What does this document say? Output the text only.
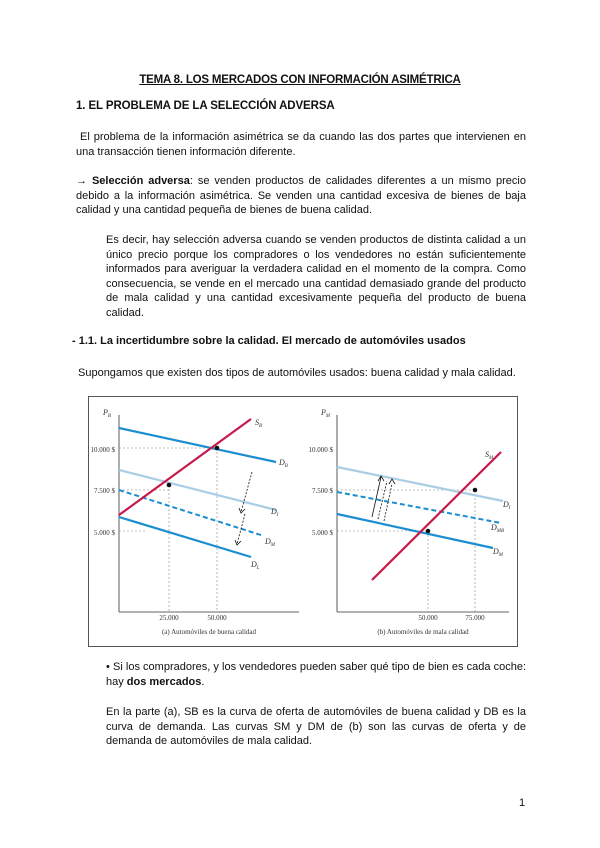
TEMA 8. LOS MERCADOS CON INFORMACIÓN ASIMÉTRICA
1. EL PROBLEMA DE LA SELECCIÓN ADVERSA
El problema de la información asimétrica se da cuando las dos partes que intervienen en una transacción tienen información diferente.
→ Selección adversa: se venden productos de calidades diferentes a un mismo precio debido a la información asimétrica. Se venden una cantidad excesiva de bienes de baja calidad y una cantidad pequeña de bienes de buena calidad.
Es decir, hay selección adversa cuando se venden productos de distinta calidad a un único precio porque los compradores o los vendedores no están suficientemente informados para averiguar la verdadera calidad en el momento de la compra. Como consecuencia, se vende en el mercado una cantidad demasiado grande del producto de mala calidad y una cantidad excesivamente pequeña del producto de buena calidad.
- 1.1. La incertidumbre sobre la calidad. El mercado de automóviles usados
Supongamos que existen dos tipos de automóviles usados: buena calidad y mala calidad.
$P_B$
10.000 $
7.500 $
5.000 $
25.000	50.000
$S_B$
$D_B$
$D_I$
$D_M$
$D_L$
(a) Automóviles de buena calidad
$P_M$
10.000 $
7.500 $
5.000 $
50.000	75.000
$S_M$
$D_I$
$D_{MB}$
$D_M$
(b) Automóviles de mala calidad
• Si los compradores, y los vendedores pueden saber qué tipo de bien es cada coche: hay dos mercados.
En la parte (a), SB es la curva de oferta de automóviles de buena calidad y DB es la curva de demanda. Las curvas SM y DM de (b) son las curvas de oferta y de demanda de automóviles de mala calidad.
1
